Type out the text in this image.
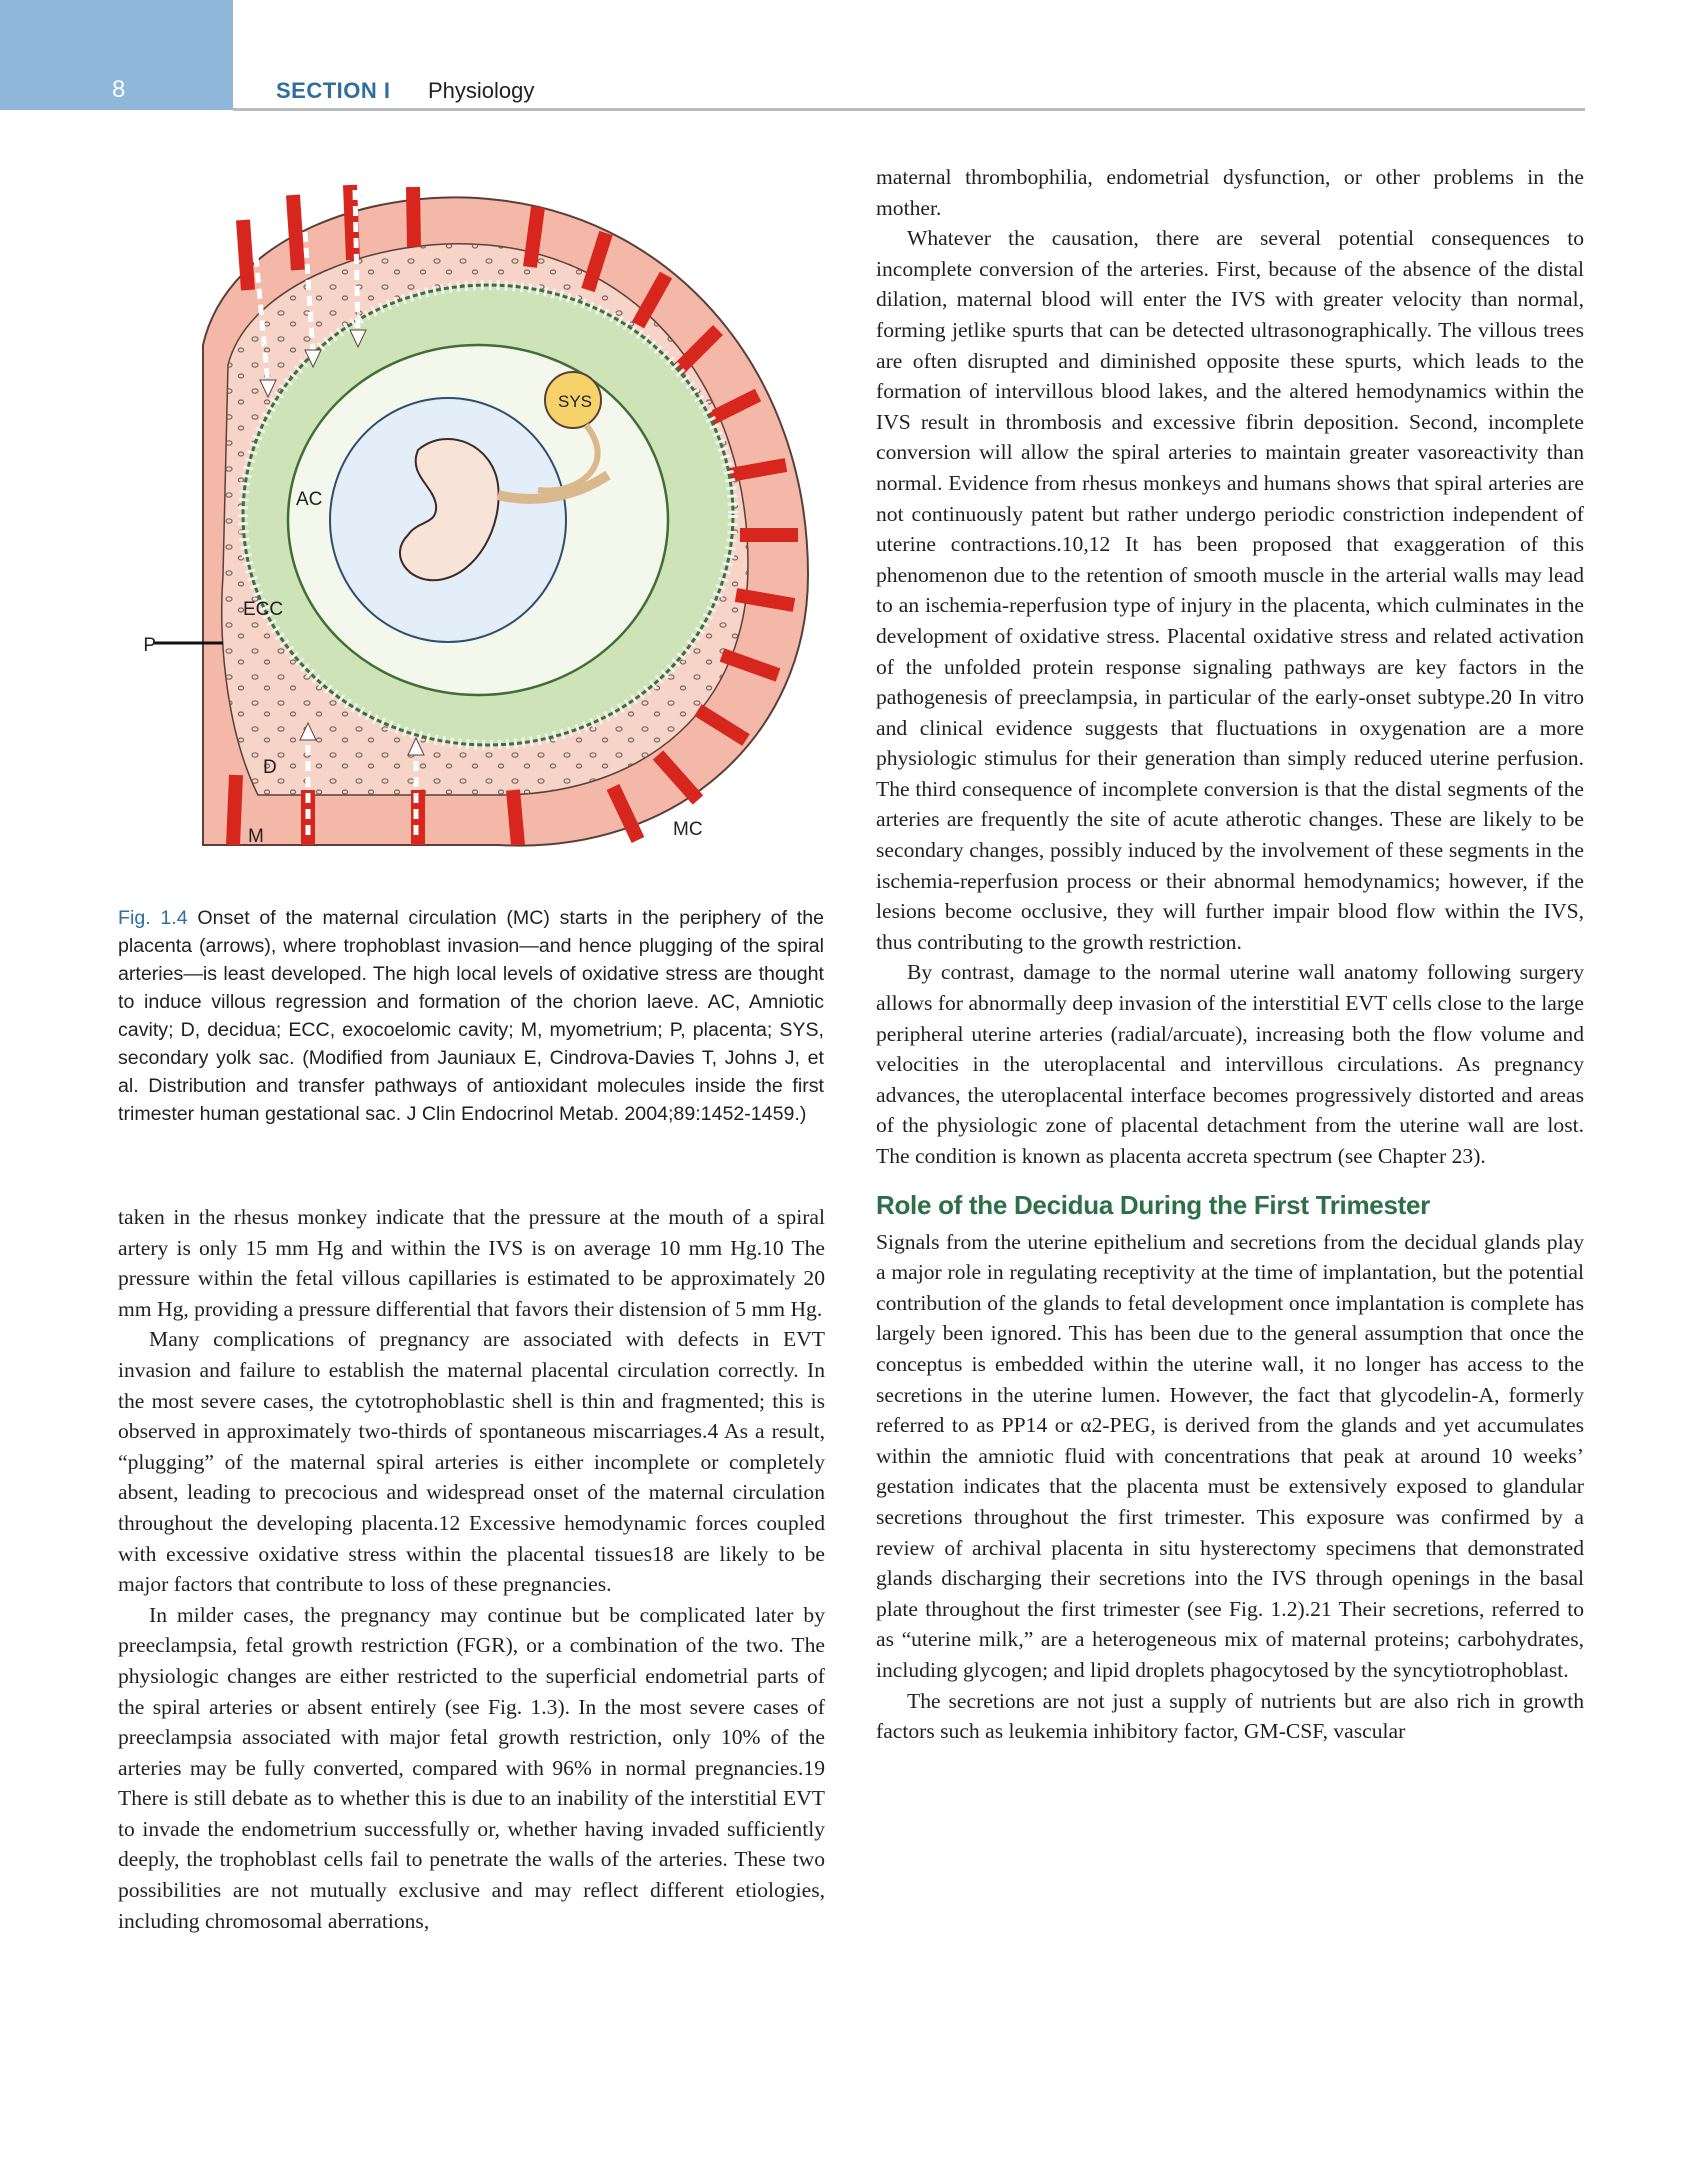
8	SECTION I Physiology
AC
ECC
P
D
M	MC
SYS
Fig. 1.4 Onset of the maternal circulation (MC) starts in the periphery of the placenta (arrows), where trophoblast invasion—and hence plugging of the spiral arteries—is least developed. The high local levels of oxidative stress are thought to induce villous regression and formation of the chorion laeve. AC, Amniotic cavity; D, decidua; ECC, exocoelomic cavity; M, myometrium; P, placenta; SYS, secondary yolk sac. (Modified from Jauniaux E, Cindrova-Davies T, Johns J, et al. Distribution and transfer pathways of antioxidant molecules inside the first trimester human gestational sac. J Clin Endocrinol Metab. 2004;89:1452-1459.)

taken in the rhesus monkey indicate that the pressure at the mouth of a spiral artery is only 15 mm Hg and within the IVS is on average 10 mm Hg.10 The pressure within the fetal villous capillaries is estimated to be approximately 20 mm Hg, providing a pressure differential that favors their distension of 5 mm Hg.

Many complications of pregnancy are associated with defects in EVT invasion and failure to establish the maternal placental circulation correctly. In the most severe cases, the cytotrophoblastic shell is thin and fragmented; this is observed in approximately two-thirds of spontaneous miscarriages.4 As a result, “plugging” of the maternal spiral arteries is either incomplete or completely absent, leading to precocious and widespread onset of the maternal circulation throughout the developing placenta.12 Excessive hemodynamic forces coupled with excessive oxidative stress within the placental tissues18 are likely to be major factors that contribute to loss of these pregnancies.

In milder cases, the pregnancy may continue but be complicated later by preeclampsia, fetal growth restriction (FGR), or a combination of the two. The physiologic changes are either restricted to the superficial endometrial parts of the spiral arteries or absent entirely (see Fig. 1.3). In the most severe cases of preeclampsia associated with major fetal growth restriction, only 10% of the arteries may be fully converted, compared with 96% in normal pregnancies.19 There is still debate as to whether this is due to an inability of the interstitial EVT to invade the endometrium successfully or, whether having invaded sufficiently deeply, the trophoblast cells fail to penetrate the walls of the arteries. These two possibilities are not mutually exclusive and may reflect different etiologies, including chromosomal aberrations,

maternal thrombophilia, endometrial dysfunction, or other problems in the mother.

Whatever the causation, there are several potential consequences to incomplete conversion of the arteries. First, because of the absence of the distal dilation, maternal blood will enter the IVS with greater velocity than normal, forming jetlike spurts that can be detected ultrasonographically. The villous trees are often disrupted and diminished opposite these spurts, which leads to the formation of intervillous blood lakes, and the altered hemodynamics within the IVS result in thrombosis and excessive fibrin deposition. Second, incomplete conversion will allow the spiral arteries to maintain greater vasoreactivity than normal. Evidence from rhesus monkeys and humans shows that spiral arteries are not continuously patent but rather undergo periodic constriction independent of uterine contractions.10,12 It has been proposed that exaggeration of this phenomenon due to the retention of smooth muscle in the arterial walls may lead to an ischemia-reperfusion type of injury in the placenta, which culminates in the development of oxidative stress. Placental oxidative stress and related activation of the unfolded protein response signaling pathways are key factors in the pathogenesis of preeclampsia, in particular of the early-onset subtype.20 In vitro and clinical evidence suggests that fluctuations in oxygenation are a more physiologic stimulus for their generation than simply reduced uterine perfusion. The third consequence of incomplete conversion is that the distal segments of the arteries are frequently the site of acute atherotic changes. These are likely to be secondary changes, possibly induced by the involvement of these segments in the ischemia-reperfusion process or their abnormal hemodynamics; however, if the lesions become occlusive, they will further impair blood flow within the IVS, thus contributing to the growth restriction.

By contrast, damage to the normal uterine wall anatomy following surgery allows for abnormally deep invasion of the interstitial EVT cells close to the large peripheral uterine arteries (radial/arcuate), increasing both the flow volume and velocities in the uteroplacental and intervillous circulations. As pregnancy advances, the uteroplacental interface becomes progressively distorted and areas of the physiologic zone of placental detachment from the uterine wall are lost. The condition is known as placenta accreta spectrum (see Chapter 23).

Role of the Decidua During the First Trimester

Signals from the uterine epithelium and secretions from the decidual glands play a major role in regulating receptivity at the time of implantation, but the potential contribution of the glands to fetal development once implantation is complete has largely been ignored. This has been due to the general assumption that once the conceptus is embedded within the uterine wall, it no longer has access to the secretions in the uterine lumen. However, the fact that glycodelin-A, formerly referred to as PP14 or α2-PEG, is derived from the glands and yet accumulates within the amniotic fluid with concentrations that peak at around 10 weeks’ gestation indicates that the placenta must be extensively exposed to glandular secretions throughout the first trimester. This exposure was confirmed by a review of archival placenta in situ hysterectomy specimens that demonstrated glands discharging their secretions into the IVS through openings in the basal plate throughout the first trimester (see Fig. 1.2).21 Their secretions, referred to as “uterine milk,” are a heterogeneous mix of maternal proteins; carbohydrates, including glycogen; and lipid droplets phagocytosed by the syncytiotrophoblast.

The secretions are not just a supply of nutrients but are also rich in growth factors such as leukemia inhibitory factor, GM-CSF, vascular
